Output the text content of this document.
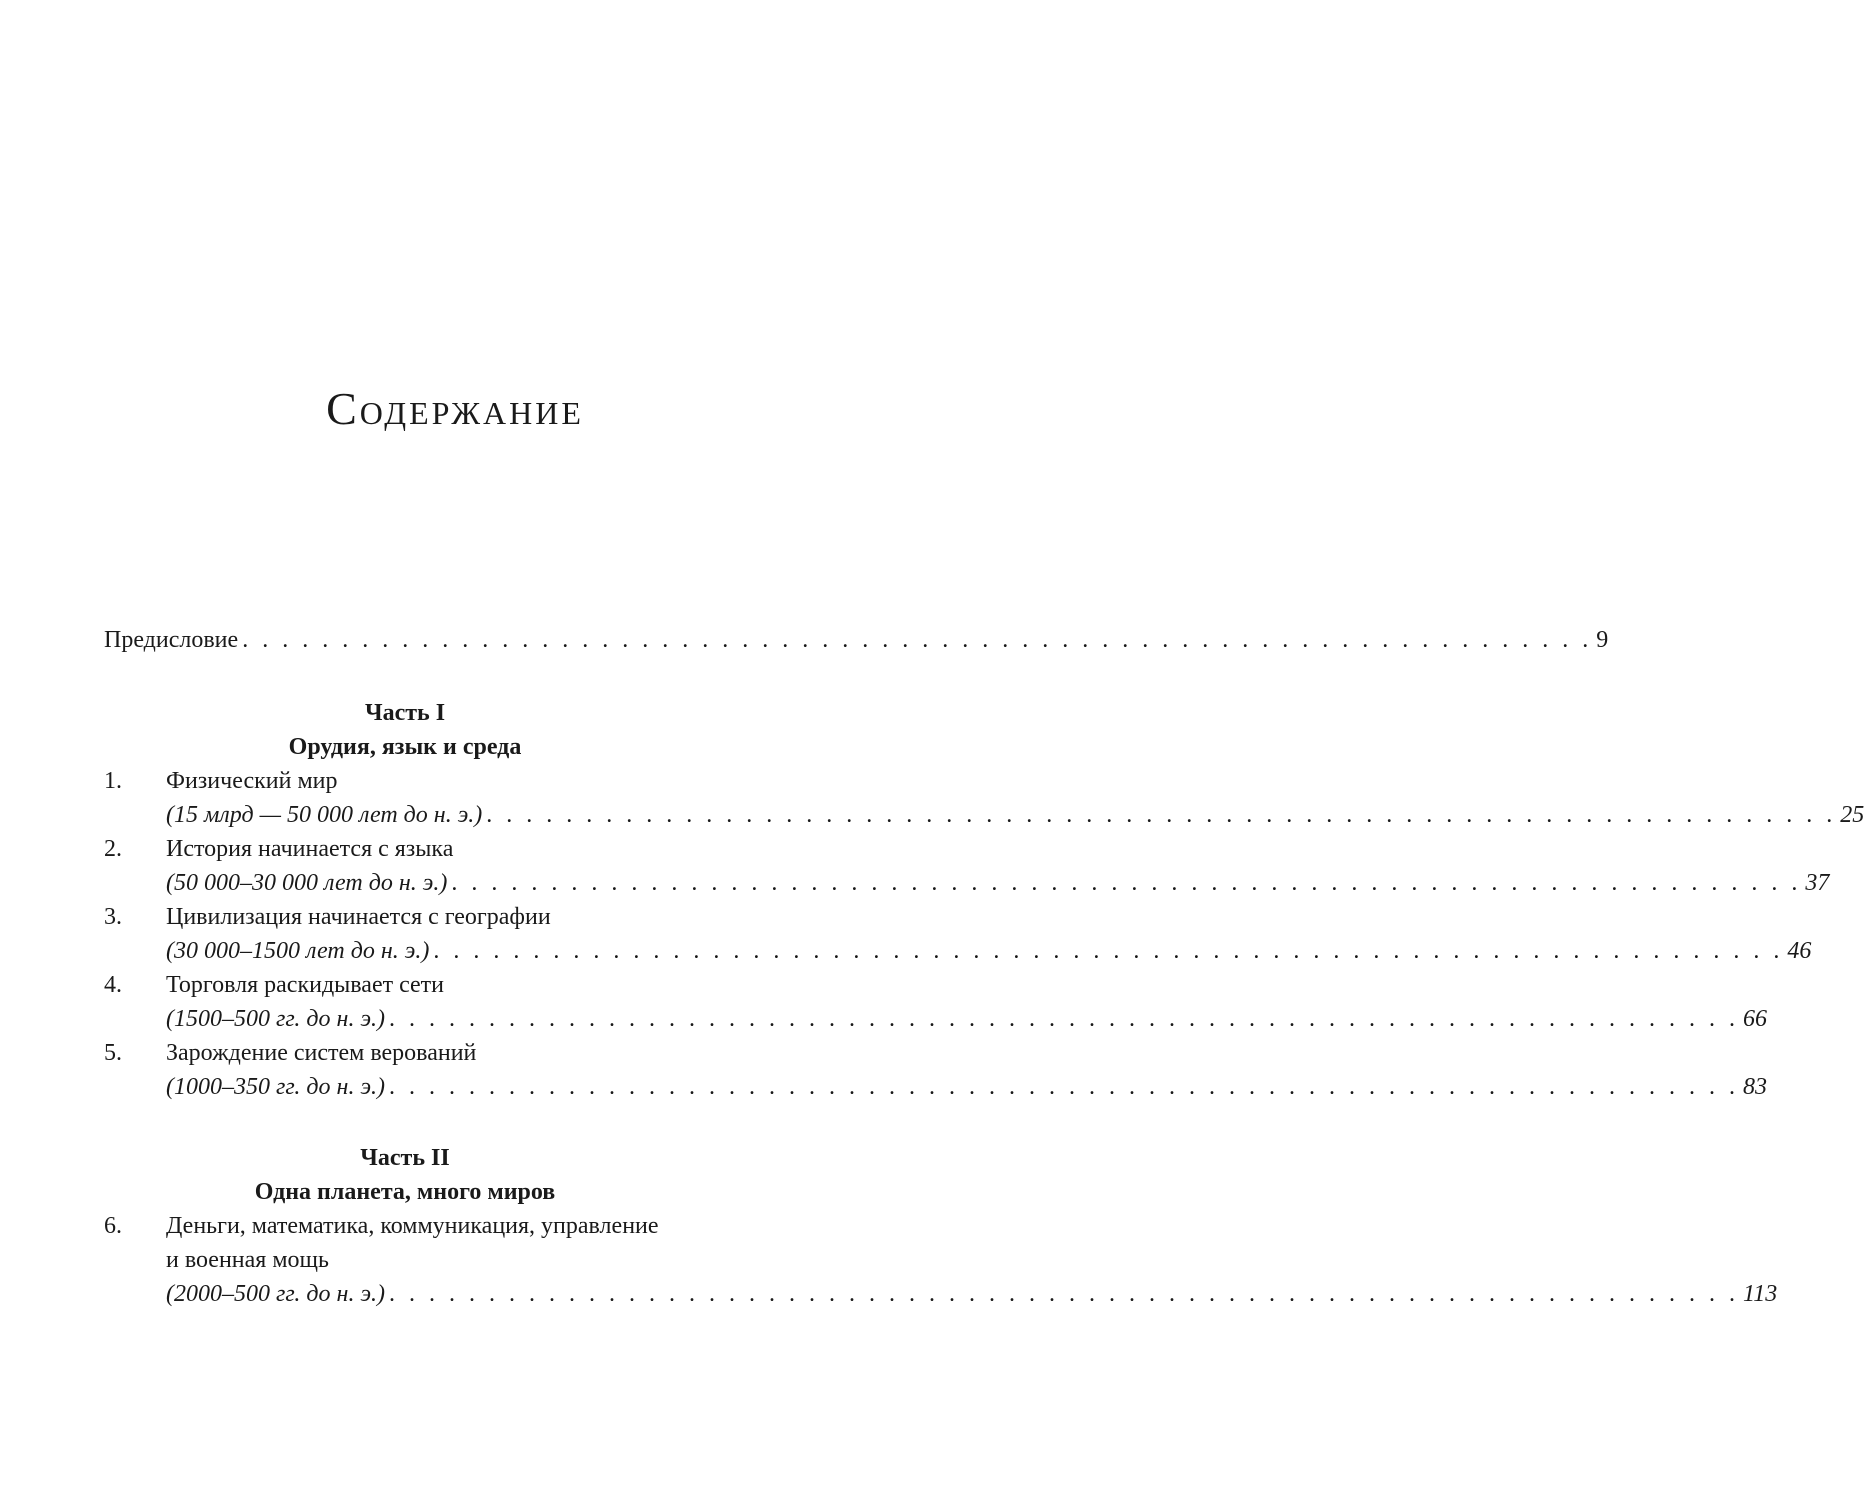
Содержание
Предисловие . . . . . . . . . . . . . . . . . . . . . . . . . . . . . . . . . . . . . . . . . . . . . . . . . . . . . . . . . . . . . . . . . . . . 9
Часть I
Орудия, язык и среда
1.	Физический мир
(15 млрд — 50 000 лет до н. э.) . . . . . . . . . . . . . . . . . . . . . . . . . . . . . . . . . . . . . . . . . . . . . . . . . . . . . . . . . . . . . . . . . . . . 25
2.	История начинается с языка
(50 000–30 000 лет до н. э.) . . . . . . . . . . . . . . . . . . . . . . . . . . . . . . . . . . . . . . . . . . . . . . . . . . . . . . . . . . . . . . . . . . . . 37
3.	Цивилизация начинается с географии
(30 000–1500 лет до н. э.) . . . . . . . . . . . . . . . . . . . . . . . . . . . . . . . . . . . . . . . . . . . . . . . . . . . . . . . . . . . . . . . . . . . . 46
4.	Торговля раскидывает сети
(1500–500 гг. до н. э.) . . . . . . . . . . . . . . . . . . . . . . . . . . . . . . . . . . . . . . . . . . . . . . . . . . . . . . . . . . . . . . . . . . . . 66
5.	Зарождение систем верований
(1000–350 гг. до н. э.) . . . . . . . . . . . . . . . . . . . . . . . . . . . . . . . . . . . . . . . . . . . . . . . . . . . . . . . . . . . . . . . . . . . . 83
Часть II
Одна планета, много миров
6.	Деньги, математика, коммуникация, управление
и военная мощь
(2000–500 гг. до н. э.) . . . . . . . . . . . . . . . . . . . . . . . . . . . . . . . . . . . . . . . . . . . . . . . . . . . . . . . . . . . . . . . . . . . . 113
